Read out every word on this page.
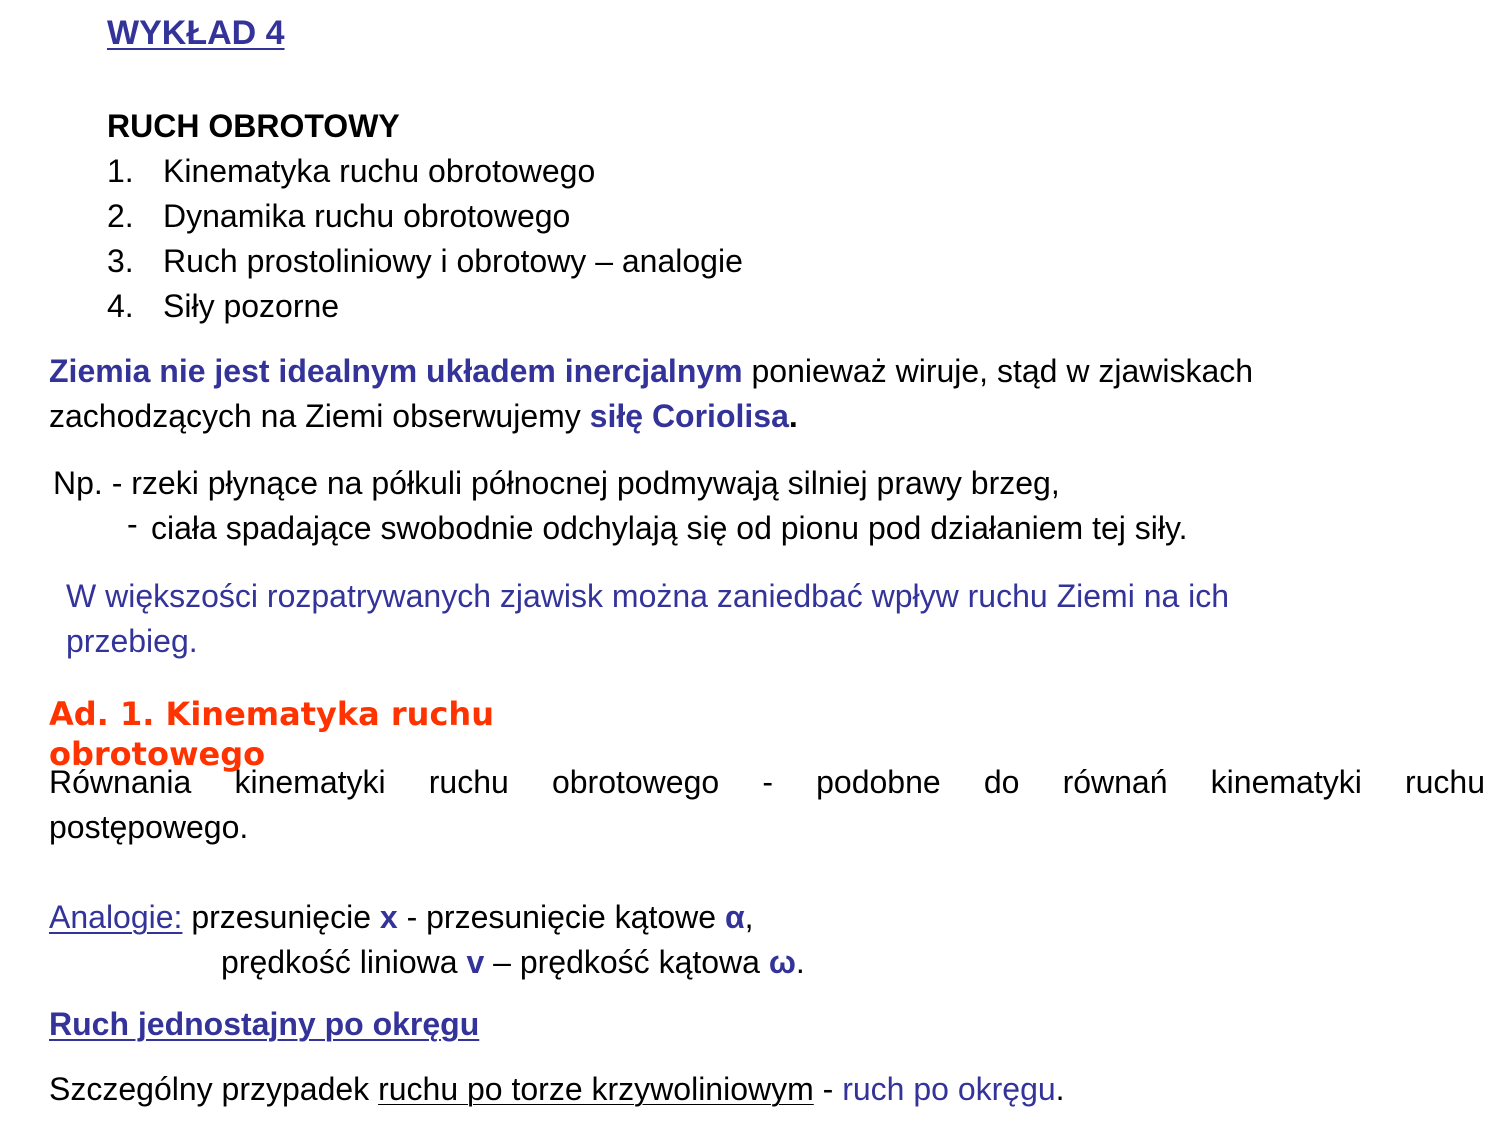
WYKŁAD 4
RUCH OBROTOWY
1. Kinematyka ruchu obrotowego
2. Dynamika ruchu obrotowego
3. Ruch prostoliniowy i obrotowy – analogie
4. Siły pozorne
Ziemia nie jest idealnym układem inercjalnym ponieważ wiruje, stąd w zjawiskach
zachodzących na Ziemi obserwujemy siłę Coriolisa.
Np. - rzeki płynące na półkuli północnej podmywają silniej prawy brzeg,
- ciała spadające swobodnie odchylają się od pionu pod działaniem tej siły.
W większości rozpatrywanych zjawisk można zaniedbać wpływ ruchu Ziemi na ich
przebieg.
Równania kinematyki ruchu obrotowego - podobne do równań kinematyki ruchu
postępowego.
Ad. 1. Kinematyka ruchu obrotowego
Analogie: przesunięcie x - przesunięcie kątowe α,
prędkość liniowa v – prędkość kątowa ω.
Ruch jednostajny po okręgu
Szczególny przypadek ruchu po torze krzywoliniowym - ruch po okręgu.
